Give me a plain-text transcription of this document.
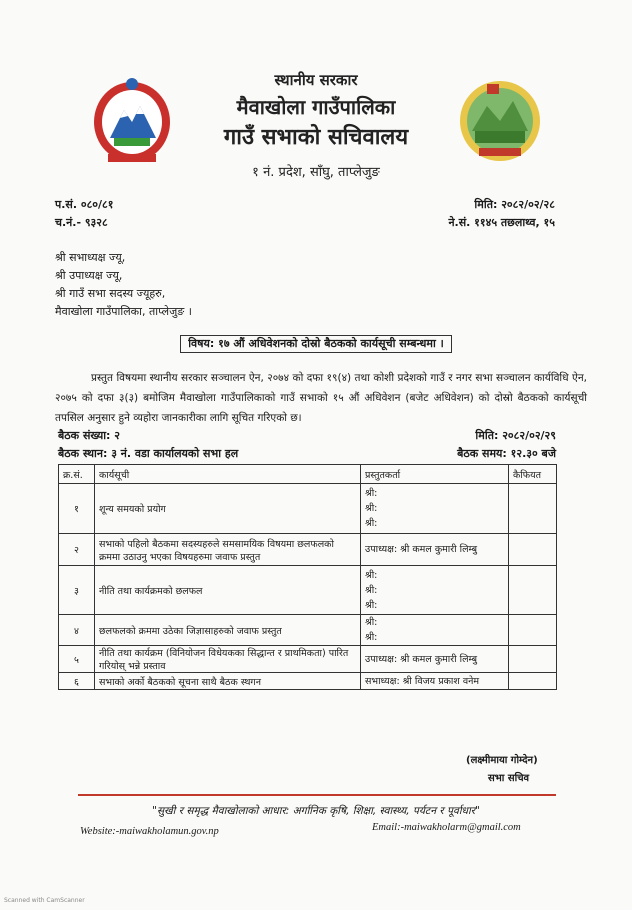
स्थानीय सरकार
मैवाखोला गाउँपालिका
गाउँ सभाको सचिवालय
१ नं. प्रदेश, साँघु, ताप्लेजुङ
प.सं. ०८०/८१
च.नं.- ९३२८
मिति: २०८२/०२/२८
ने.सं. ११४५ तछलाथ्व, १५
श्री सभाध्यक्ष ज्यू,
श्री उपाध्यक्ष ज्यू,
श्री गाउँ सभा सदस्य ज्यूहरु,
मैवाखोला गाउँपालिका, ताप्लेजुङ ।
विषय: १७ औं अधिवेशनको दोस्रो बैठकको कार्यसूची सम्बन्धमा ।
प्रस्तुत विषयमा स्थानीय सरकार सञ्चालन ऐन, २०७४ को दफा १९(४) तथा कोशी प्रदेशको गाउँ र नगर सभा सञ्चालन कार्यविधि ऐन, २०७५ को दफा ३(३) बमोजिम मैवाखोला गाउँपालिकाको गाउँ सभाको १५ औं अधिवेशन (बजेट अधिवेशन) को दोस्रो बैठकको कार्यसूची तपसिल अनुसार हुने व्यहोरा जानकारीका लागि सूचित गरिएको छ।
बैठक संख्या: २	मिति: २०८२/०२/२९
बैठक स्थान: ३ नं. वडा कार्यालयको सभा हल	बैठक समय: १२.३० बजे
क्र.सं.	कार्यसूची	प्रस्तुतकर्ता	कैफियत
१	शून्य समयको प्रयोग	श्री:
श्री:
श्री:	

२	सभाको पहिलो बैठकमा सदस्यहरुले समसामयिक विषयमा छलफलको क्रममा उठाउनु भएका विषयहरुमा जवाफ प्रस्तुत	उपाध्यक्ष: श्री कमल कुमारी लिम्बु	

३	नीति तथा कार्यक्रमको छलफल	श्री:
श्री:
श्री:	

४	छलफलको क्रममा उठेका जिज्ञासाहरुको जवाफ प्रस्तुत	श्री:
श्री:	

५	नीति तथा कार्यक्रम (विनियोजन विधेयकका सिद्धान्त र प्राथमिकता) पारित गरियोस् भन्ने प्रस्ताव	उपाध्यक्ष: श्री कमल कुमारी लिम्बु	

६	सभाको अर्को बैठकको सूचना साथै बैठक स्थगन	सभाध्यक्ष: श्री विजय प्रकाश वनेम	

(लक्ष्मीमाया गोम्देन)
सभा सचिव
"सुखी र समृद्ध मैवाखोलाको आधार: अर्गानिक कृषि, शिक्षा, स्वास्थ्य, पर्यटन र पूर्वाधार"
Website:-maiwakholamun.gov.np	Email:-maiwakholarm@gmail.com
Scanned with CamScanner
